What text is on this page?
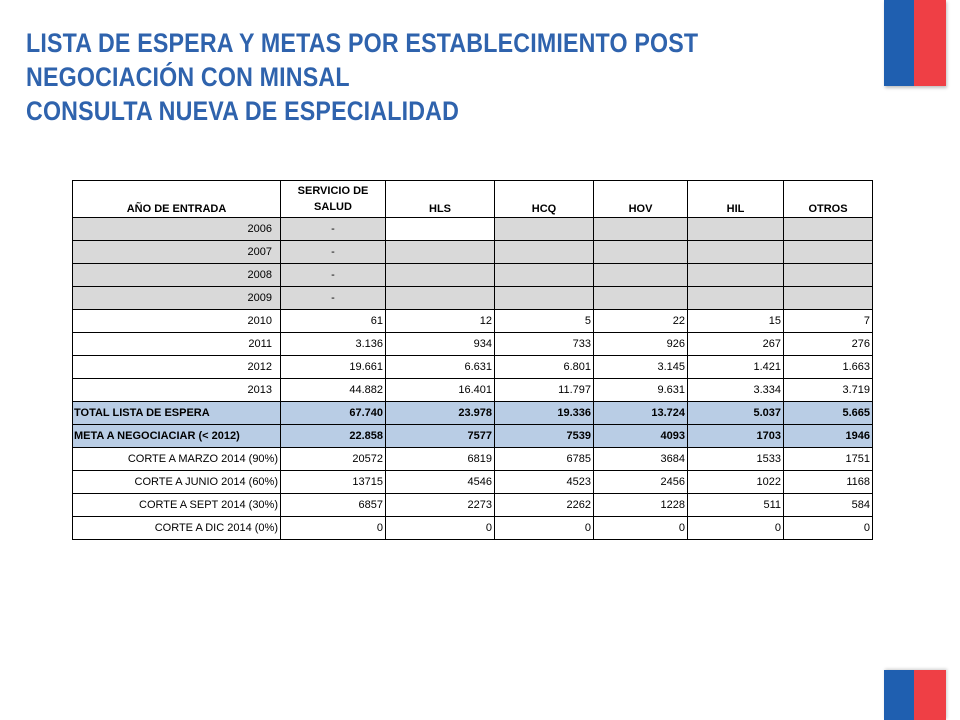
LISTA DE ESPERA Y METAS POR ESTABLECIMIENTO POST
NEGOCIACIÓN CON MINSAL
CONSULTA NUEVA DE ESPECIALIDAD
AÑO DE ENTRADA	SERVICIO DE SALUD	HLS	HCQ	HOV	HIL	OTROS
2006	-					
2007	-					
2008	-					
2009	-					
2010	61	12	5	22	15	7
2011	3.136	934	733	926	267	276
2012	19.661	6.631	6.801	3.145	1.421	1.663
2013	44.882	16.401	11.797	9.631	3.334	3.719
TOTAL LISTA DE ESPERA	67.740	23.978	19.336	13.724	5.037	5.665
META A NEGOCIACIAR (< 2012)	22.858	7577	7539	4093	1703	1946
CORTE A MARZO 2014 (90%)	20572	6819	6785	3684	1533	1751
CORTE A JUNIO 2014 (60%)	13715	4546	4523	2456	1022	1168
CORTE A SEPT 2014 (30%)	6857	2273	2262	1228	511	584
CORTE A DIC 2014 (0%)	0	0	0	0	0	0
